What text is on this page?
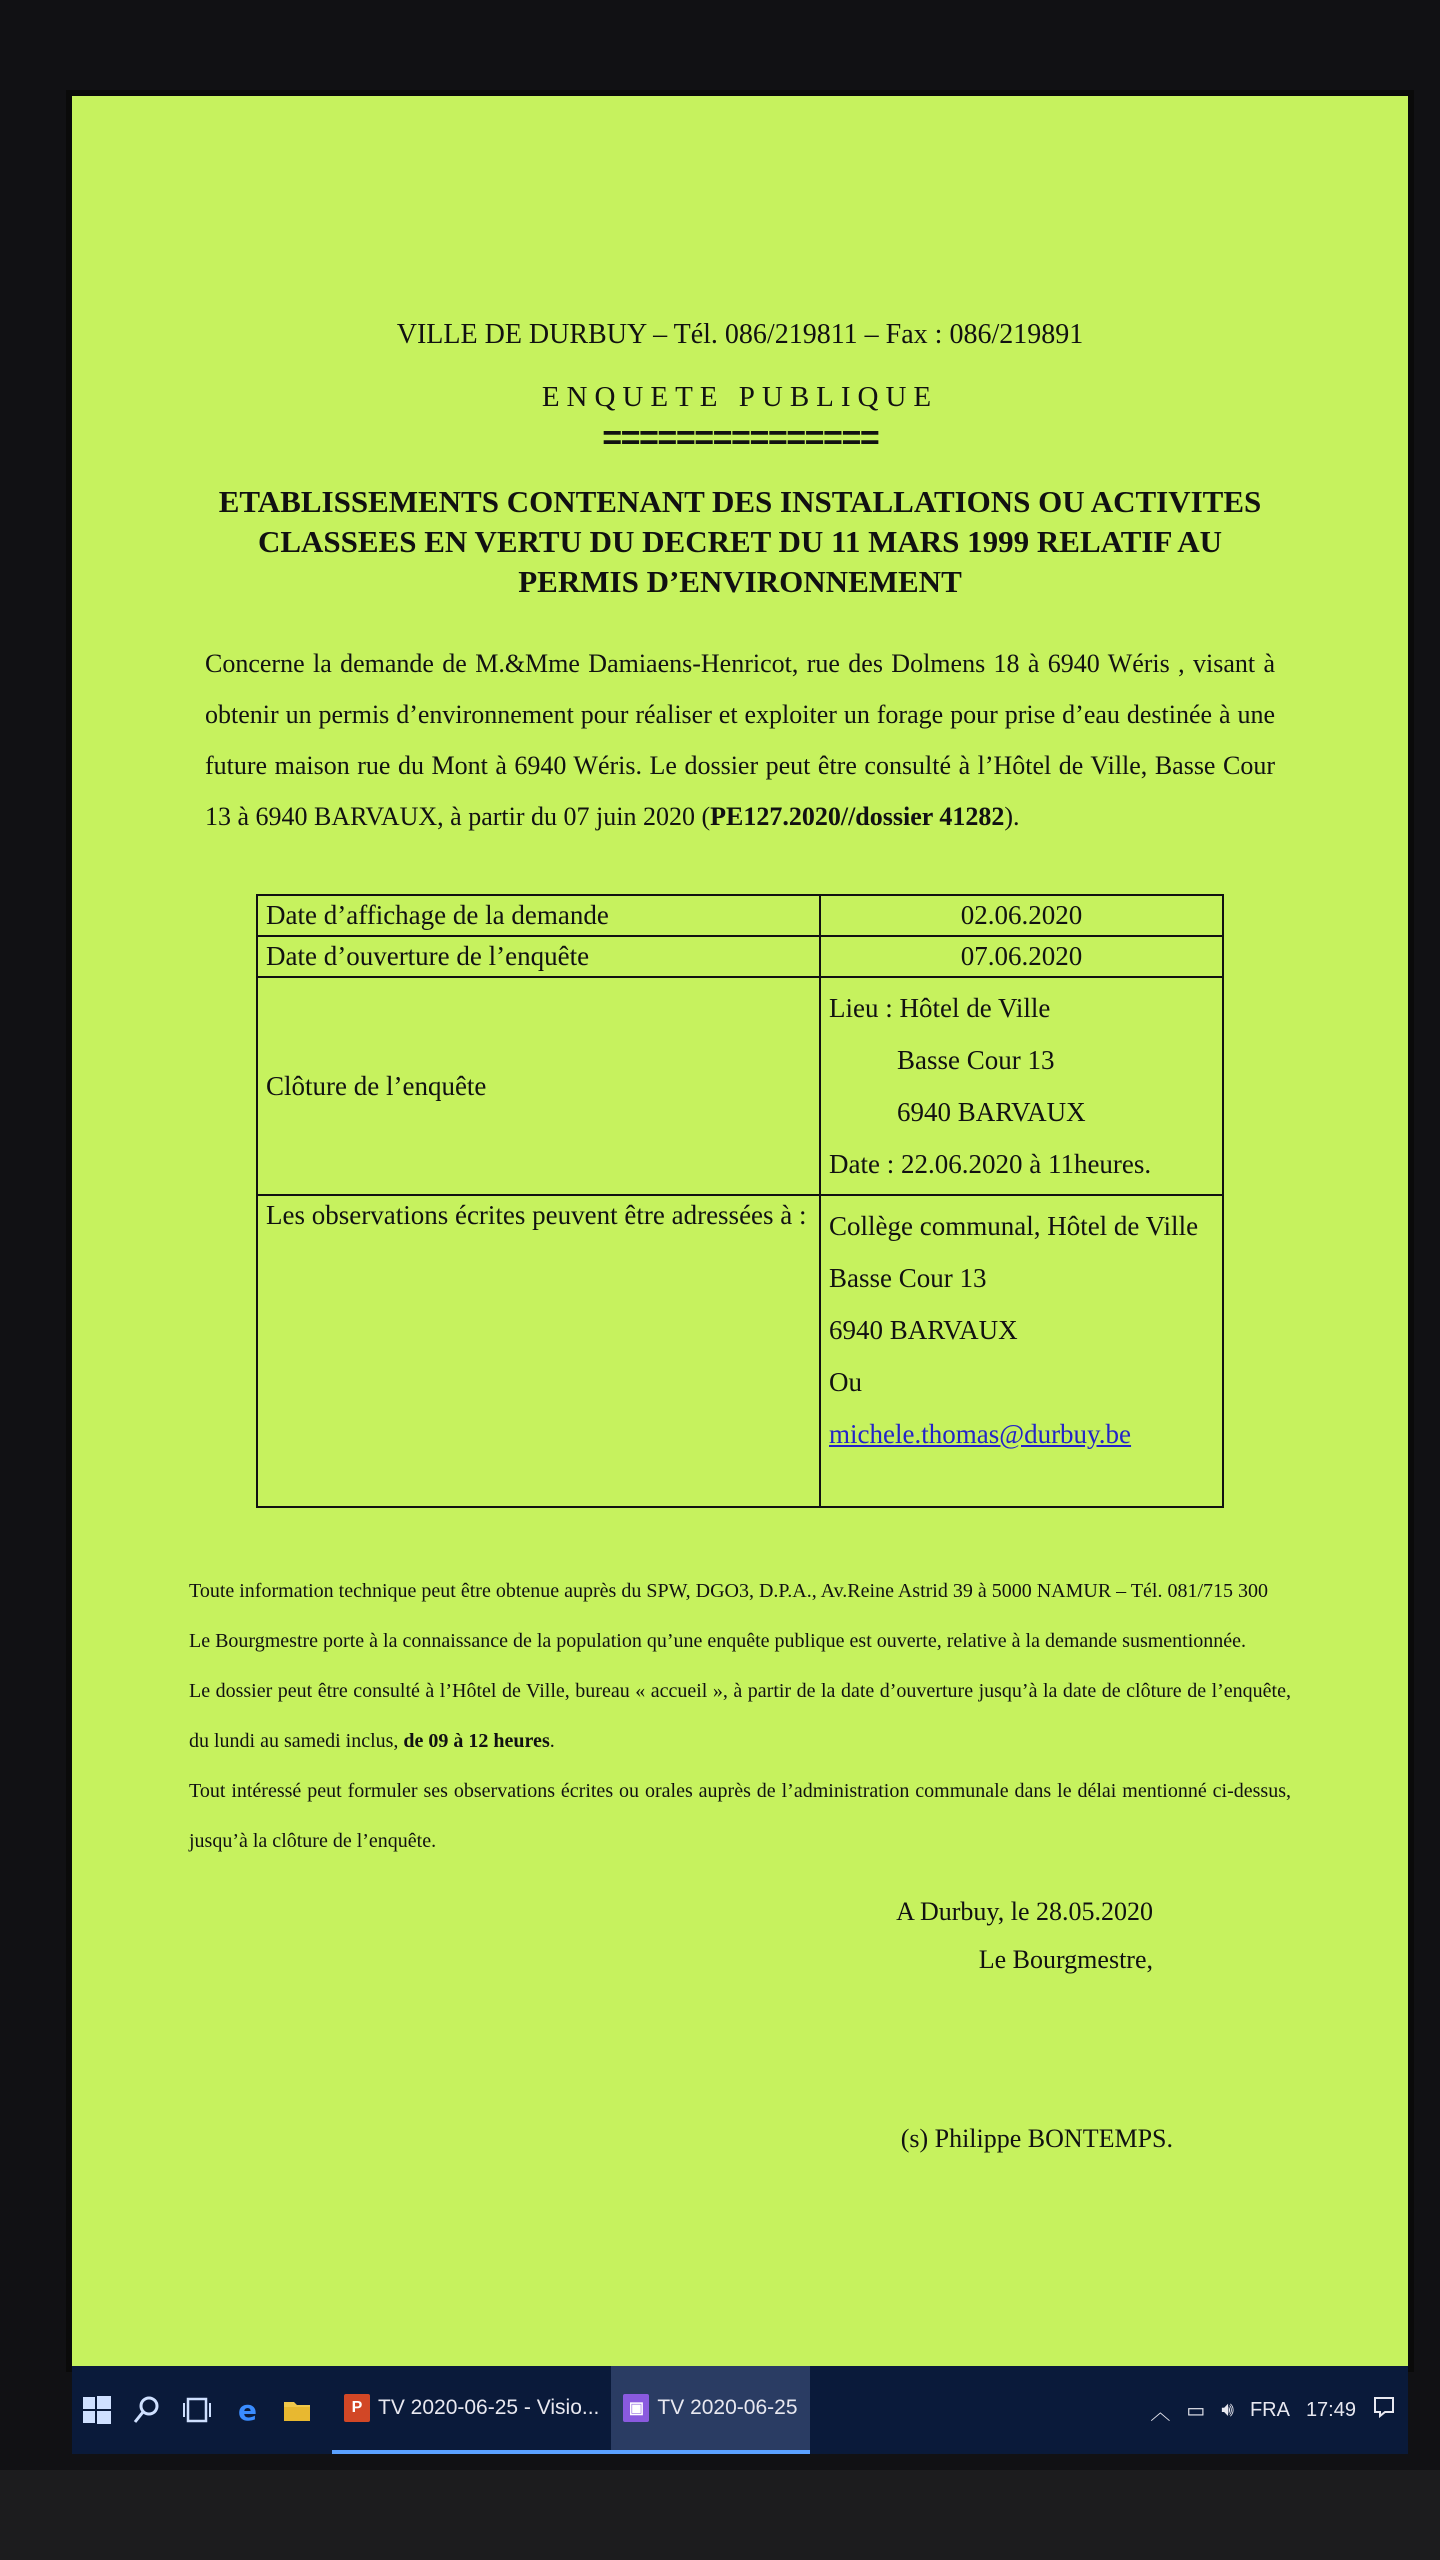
VILLE DE DURBUY – Tél. 086/219811 – Fax : 086/219891
ENQUETE PUBLIQUE
===============
ETABLISSEMENTS CONTENANT DES INSTALLATIONS OU ACTIVITES
CLASSEES EN VERTU DU DECRET DU 11 MARS 1999 RELATIF AU
PERMIS D’ENVIRONNEMENT
Concerne la demande de M.&Mme Damiaens-Henricot, rue des Dolmens 18 à 6940 Wéris , visant à obtenir un permis d’environnement pour réaliser et exploiter un forage pour prise d’eau destinée à une future maison rue du Mont à 6940 Wéris. Le dossier peut être consulté à l’Hôtel de Ville, Basse Cour 13 à 6940 BARVAUX, à partir du 07 juin 2020 (PE127.2020//dossier 41282).
Date d’affichage de la demande	02.06.2020
Date d’ouverture de l’enquête	07.06.2020
Clôture de l’enquête	Lieu : Hôtel de Ville
Basse Cour 13
6940 BARVAUX
Date : 22.06.2020 à 11heures.

Les observations écrites peuvent être adressées à :	Collège communal, Hôtel de Ville
Basse Cour 13
6940 BARVAUX
Ou
michele.thomas@durbuy.be

Toute information technique peut être obtenue auprès du SPW, DGO3, D.P.A., Av.Reine Astrid 39 à 5000 NAMUR – Tél. 081/715 300

Le Bourgmestre porte à la connaissance de la population qu’une enquête publique est ouverte, relative à la demande susmentionnée.

Le dossier peut être consulté à l’Hôtel de Ville, bureau « accueil », à partir de la date d’ouverture jusqu’à la date de clôture de l’enquête, du lundi au samedi inclus, de 09 à 12 heures.

Tout intéressé peut formuler ses observations écrites ou orales auprès de l’administration communale dans le délai mentionné ci-dessus, jusqu’à la clôture de l’enquête.

A Durbuy, le 28.05.2020
Le Bourgmestre,
(s) Philippe BONTEMPS.
e	P TV 2020-06-25 - Visio...	▣ TV 2020-06-25	︿ ▭ 🔊︎ FRA 17:49
